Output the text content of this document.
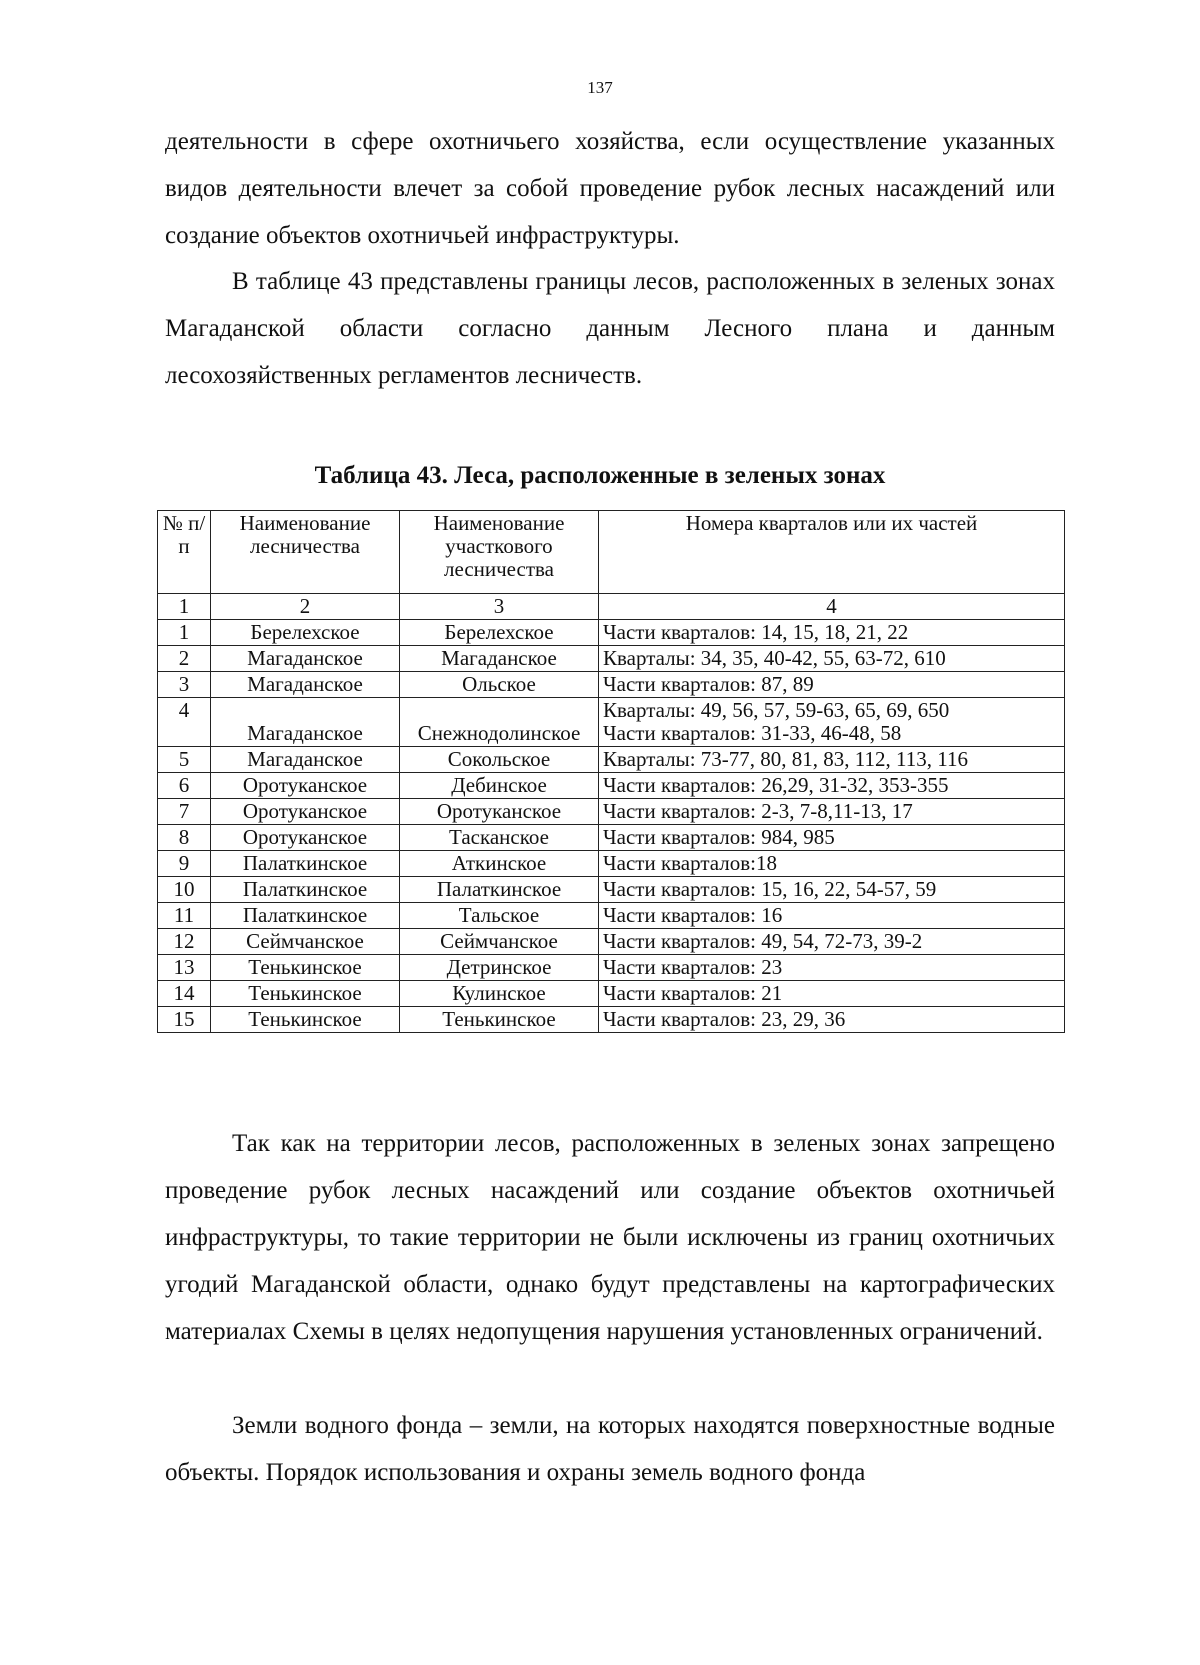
137

деятельности в сфере охотничьего хозяйства, если осуществление указанных видов деятельности влечет за собой проведение рубок лесных насаждений или создание объектов охотничьей инфраструктуры.

В таблице 43 представлены границы лесов, расположенных в зеленых зонах Магаданской области согласно данным Лесного плана и данным лесохозяйственных регламентов лесничеств.

Таблица 43. Леса, расположенные в зеленых зонах
№ п/п	Наименование лесничества	Наименование участкового лесничества	Номера кварталов или их частей
1	2	3	4
1	Берелехское	Берелехское	Части кварталов: 14, 15, 18, 21, 22
2	Магаданское	Магаданское	Кварталы: 34, 35, 40-42, 55, 63-72, 610
3	Магаданское	Ольское	Части кварталов: 87, 89
4	Магаданское	Снежнодолинское	Кварталы: 49, 56, 57, 59-63, 65, 69, 650
Части кварталов: 31-33, 46-48, 58

5	Магаданское	Сокольское	Кварталы: 73-77, 80, 81, 83, 112, 113, 116
6	Оротуканское	Дебинское	Части кварталов: 26,29, 31-32, 353-355
7	Оротуканское	Оротуканское	Части кварталов: 2-3, 7-8,11-13, 17
8	Оротуканское	Тасканское	Части кварталов: 984, 985
9	Палаткинское	Аткинское	Части кварталов:18
10	Палаткинское	Палаткинское	Части кварталов: 15, 16, 22, 54-57, 59
11	Палаткинское	Тальское	Части кварталов: 16
12	Сеймчанское	Сеймчанское	Части кварталов: 49, 54, 72-73, 39-2
13	Тенькинское	Детринское	Части кварталов: 23
14	Тенькинское	Кулинское	Части кварталов: 21
15	Тенькинское	Тенькинское	Части кварталов: 23, 29, 36

Так как на территории лесов, расположенных в зеленых зонах запрещено проведение рубок лесных насаждений или создание объектов охотничьей инфраструктуры, то такие территории не были исключены из границ охотничьих угодий Магаданской области, однако будут представлены на картографических материалах Схемы в целях недопущения нарушения установленных ограничений.

Земли водного фонда – земли, на которых находятся поверхностные водные объекты. Порядок использования и охраны земель водного фонда
